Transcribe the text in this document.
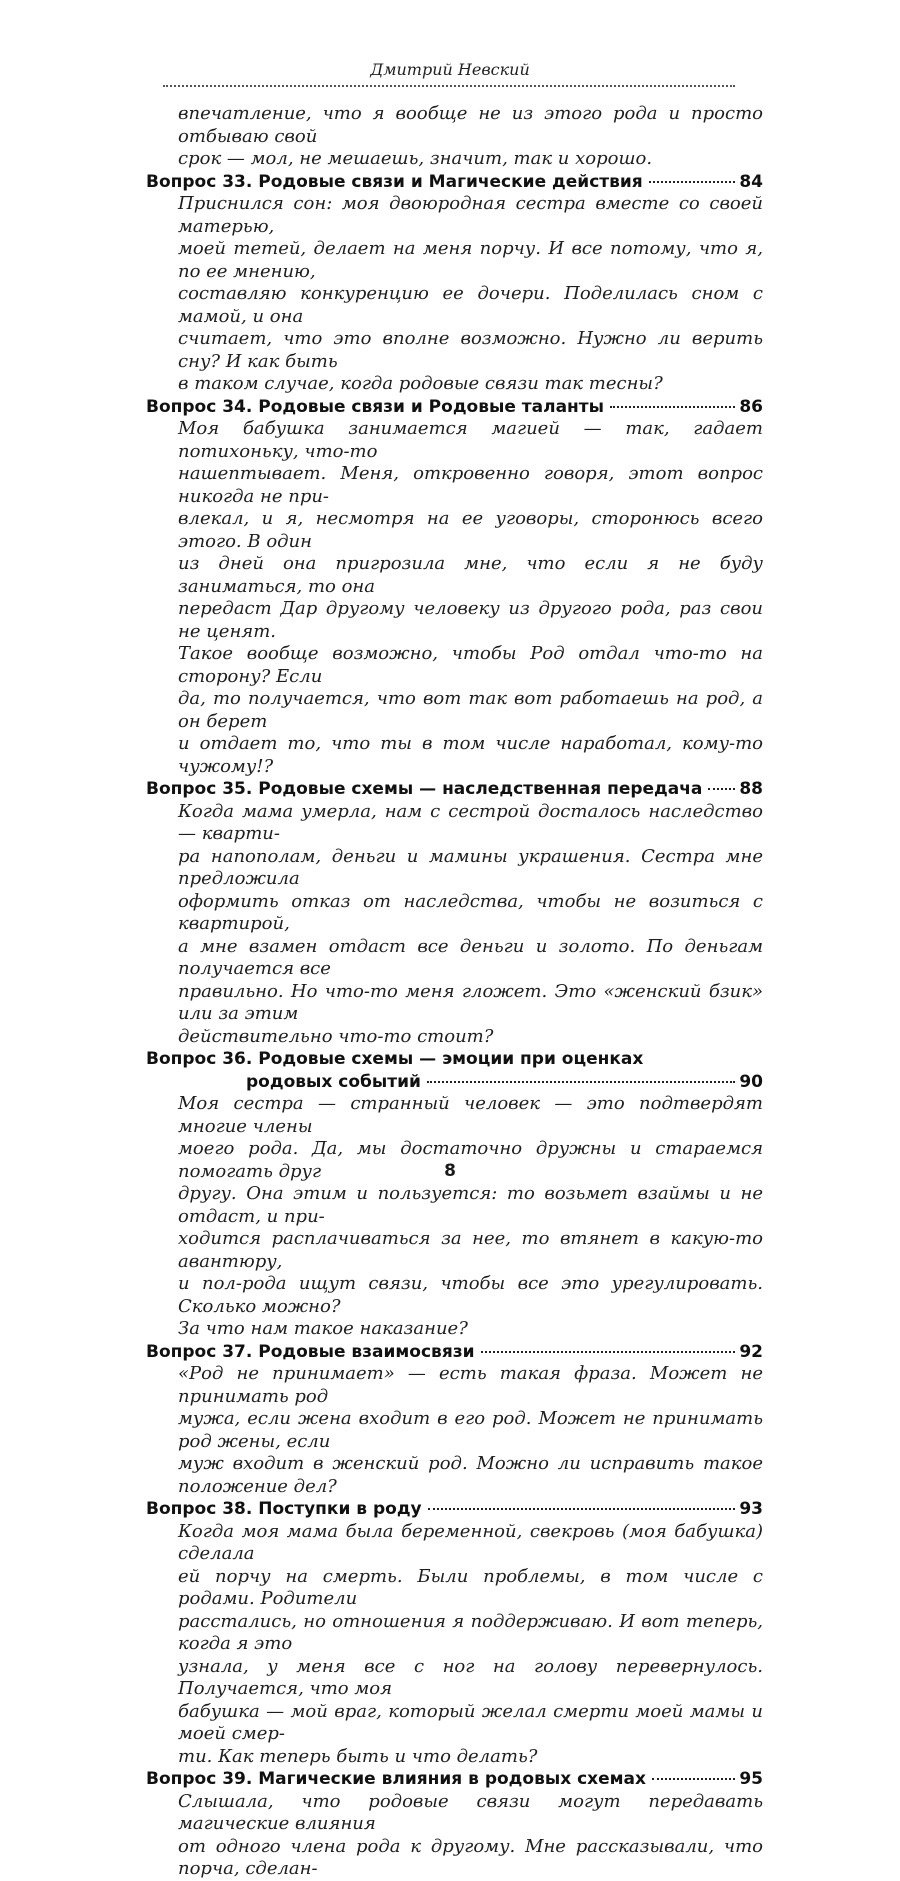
Дмитрий Невский

впечатление, что я вообще не из этого рода и просто отбываю свой

срок — мол, не мешаешь, значит, так и хорошо.

Вопрос 33. Родовые связи и Магические действия	84

Приснился сон: моя двоюродная сестра вместе со своей матерью,

моей тетей, делает на меня порчу. И все потому, что я, по ее мнению,

составляю конкуренцию ее дочери. Поделилась сном с мамой, и она

считает, что это вполне возможно. Нужно ли верить сну? И как быть

в таком случае, когда родовые связи так тесны?

Вопрос 34. Родовые связи и Родовые таланты	86

Моя бабушка занимается магией — так, гадает потихоньку, что-то

нашептывает. Меня, откровенно говоря, этот вопрос никогда не при-

влекал, и я, несмотря на ее уговоры, сторонюсь всего этого. В один

из дней она пригрозила мне, что если я не буду заниматься, то она

передаст Дар другому человеку из другого рода, раз свои не ценят.

Такое вообще возможно, чтобы Род отдал что-то на сторону? Если

да, то получается, что вот так вот работаешь на род, а он берет

и отдает то, что ты в том числе наработал, кому-то чужому!?

Вопрос 35. Родовые схемы — наследственная передача 88

Когда мама умерла, нам с сестрой досталось наследство — кварти-

ра напополам, деньги и мамины украшения. Сестра мне предложила

оформить отказ от наследства, чтобы не возиться с квартирой,

а мне взамен отдаст все деньги и золото. По деньгам получается все

правильно. Но что-то меня гложет. Это «женский бзик» или за этим

действительно что-то стоит?

Вопрос 36. Родовые схемы — эмоции при оценках
родовых событий	90

Моя сестра — странный человек — это подтвердят многие члены

моего рода. Да, мы достаточно дружны и стараемся помогать друг

другу. Она этим и пользуется: то возьмет взаймы и не отдаст, и при-

ходится расплачиваться за нее, то втянет в какую-то авантюру,

и пол-рода ищут связи, чтобы все это урегулировать. Сколько можно?

За что нам такое наказание?

Вопрос 37. Родовые взаимосвязи	92

«Род не принимает» — есть такая фраза. Может не принимать род

мужа, если жена входит в его род. Может не принимать род жены, если

муж входит в женский род. Можно ли исправить такое положение дел?

Вопрос 38. Поступки в роду	93

Когда моя мама была беременной, свекровь (моя бабушка) сделала

ей порчу на смерть. Были проблемы, в том числе с родами. Родители

расстались, но отношения я поддерживаю. И вот теперь, когда я это

узнала, у меня все с ног на голову перевернулось. Получается, что моя

бабушка — мой враг, который желал смерти моей мамы и моей смер-

ти. Как теперь быть и что делать?

Вопрос 39. Магические влияния в родовых схемах	95

Слышала, что родовые связи могут передавать магические влияния

от одного члена рода к другому. Мне рассказывали, что порча, сделан-

8
